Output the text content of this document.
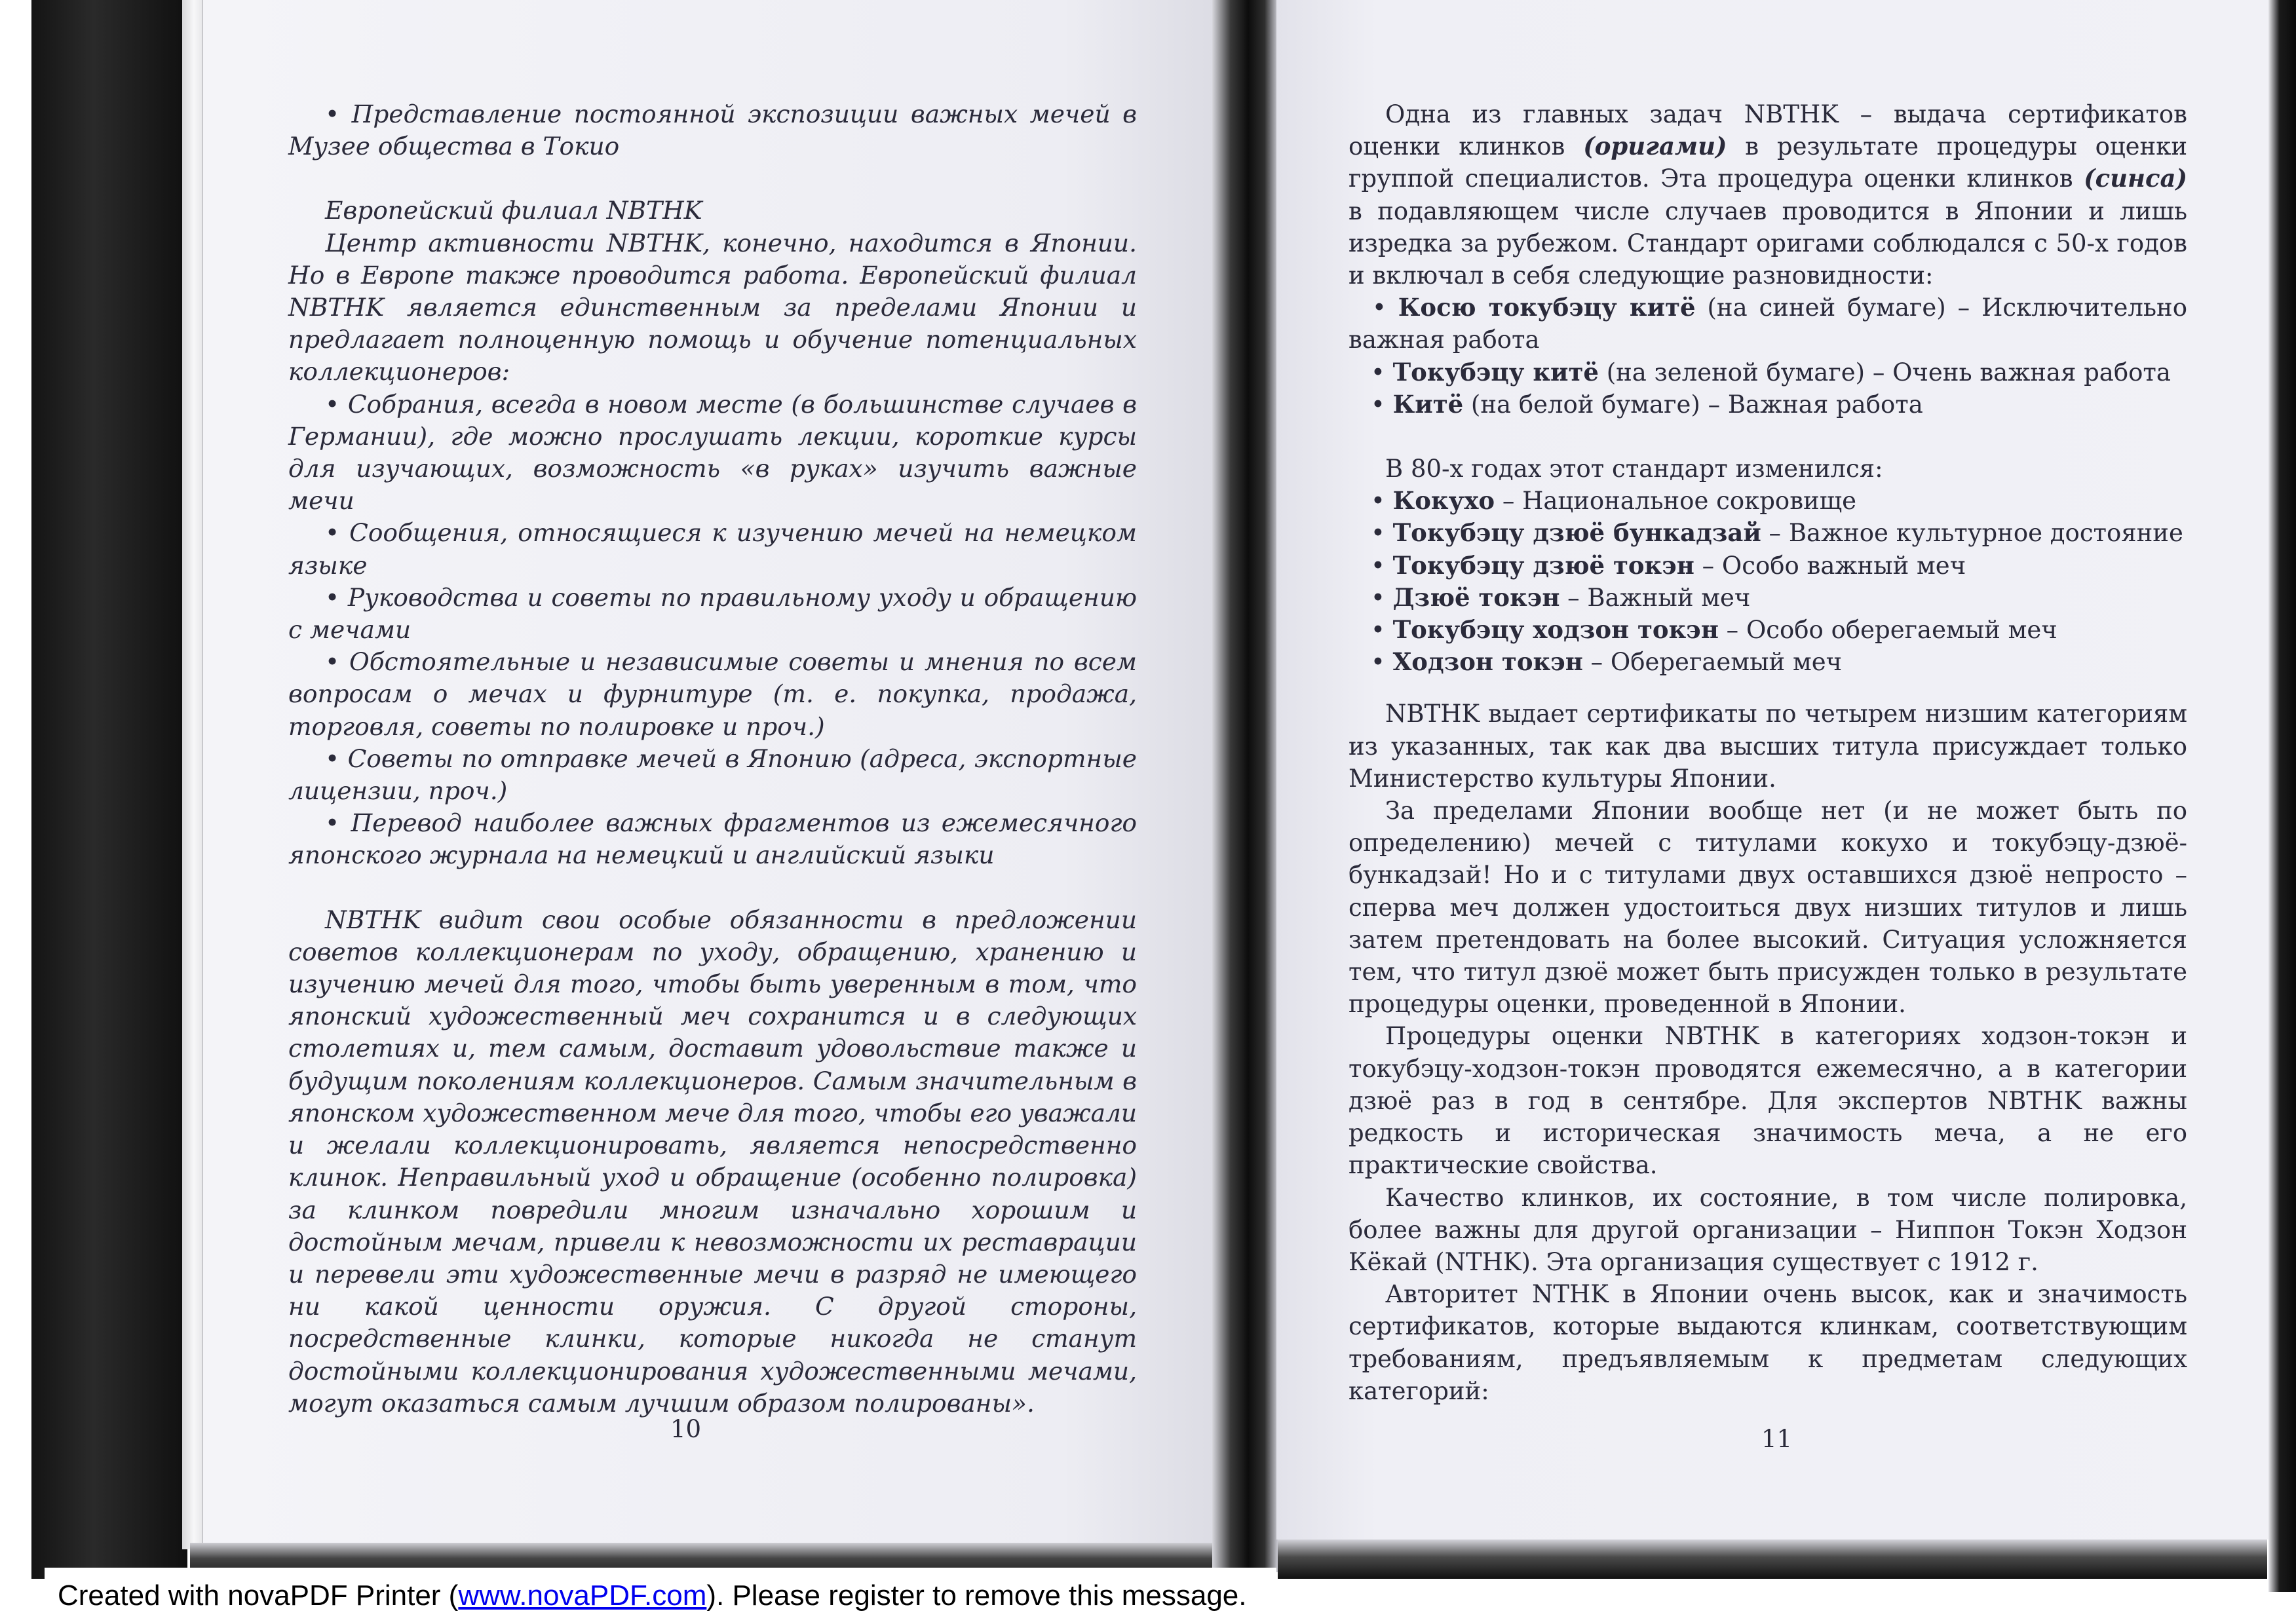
• Представление постоянной экспозиции важных мечей в Музее общества в Токио

Европейский филиал NBTHK

Центр активности NBTHK, конечно, находится в Японии. Но в Европе также проводится работа. Европейский филиал NBTHK является единственным за пределами Японии и предлагает полноценную помощь и обучение потенциальных коллекционеров:

• Собрания, всегда в новом месте (в большинстве случаев в Германии), где можно прослушать лекции, короткие курсы для изучающих, возможность «в руках» изучить важные мечи

• Сообщения, относящиеся к изучению мечей на немецком языке

• Руководства и советы по правильному уходу и обращению с мечами

• Обстоятельные и независимые советы и мнения по всем вопросам о мечах и фурнитуре (т. е. покупка, продажа, торговля, советы по полировке и проч.)

• Советы по отправке мечей в Японию (адреса, экспортные лицензии, проч.)

• Перевод наиболее важных фрагментов из ежемесячного японского журнала на немецкий и английский языки

NBTHK видит свои особые обязанности в предложении советов коллекционерам по уходу, обращению, хранению и изучению мечей для того, чтобы быть уверенным в том, что японский художественный меч сохранится и в следующих столетиях и, тем самым, доставит удовольствие также и будущим поколениям коллекционеров. Самым значительным в японском художественном мече для того, чтобы его уважали и желали коллекционировать, является непосредственно клинок. Неправильный уход и обращение (особенно полировка) за клинком повредили многим изначально хорошим и достойным мечам, привели к невозможности их реставрации и перевели эти художественные мечи в разряд не имеющего ни какой ценности оружия. С другой стороны, посредственные клинки, которые никогда не станут достойными коллекционирования художественными мечами, могут оказаться самым лучшим образом полированы».

10

Одна из главных задач NBTHK – выдача сертификатов оценки клинков (оригами) в результате процедуры оценки группой специалистов. Эта процедура оценки клинков (синса) в подавляющем числе случаев проводится в Японии и лишь изредка за рубежом. Стандарт оригами соблюдался с 50-х годов и включал в себя следующие разновидности:

• Косю токубэцу китё (на синей бумаге) – Исключительно важная работа

• Токубэцу китё (на зеленой бумаге) – Очень важная работа

• Китё (на белой бумаге) – Важная работа

В 80-х годах этот стандарт изменился:

• Кокухо – Национальное сокровище

• Токубэцу дзюё бункадзай – Важное культурное достояние

• Токубэцу дзюё токэн – Особо важный меч

• Дзюё токэн – Важный меч

• Токубэцу ходзон токэн – Особо оберегаемый меч

• Ходзон токэн – Оберегаемый меч

NBTHK выдает сертификаты по четырем низшим категориям из указанных, так как два высших титула присуждает только Министерство культуры Японии.

За пределами Японии вообще нет (и не может быть по определению) мечей с титулами кокухо и токубэцу-дзюё-бункадзай! Но и с титулами двух оставшихся дзюё непросто – сперва меч должен удостоиться двух низших титулов и лишь затем претендовать на более высокий. Ситуация усложняется тем, что титул дзюё может быть присужден только в результате процедуры оценки, проведенной в Японии.

Процедуры оценки NBTHK в категориях ходзон-токэн и токубэцу-ходзон-токэн проводятся ежемесячно, а в категории дзюё раз в год в сентябре. Для экспертов NBTHK важны редкость и историческая значимость меча, а не его практические свойства.

Качество клинков, их состояние, в том числе полировка, более важны для другой организации – Ниппон Токэн Ходзон Кёкай (NTHK). Эта организация существует с 1912 г.

Авторитет NTHK в Японии очень высок, как и значимость сертификатов, которые выдаются клинкам, соответствующим требованиям, предъявляемым к предметам следующих категорий:

11
Created with novaPDF Printer (www.novaPDF.com). Please register to remove this message.
